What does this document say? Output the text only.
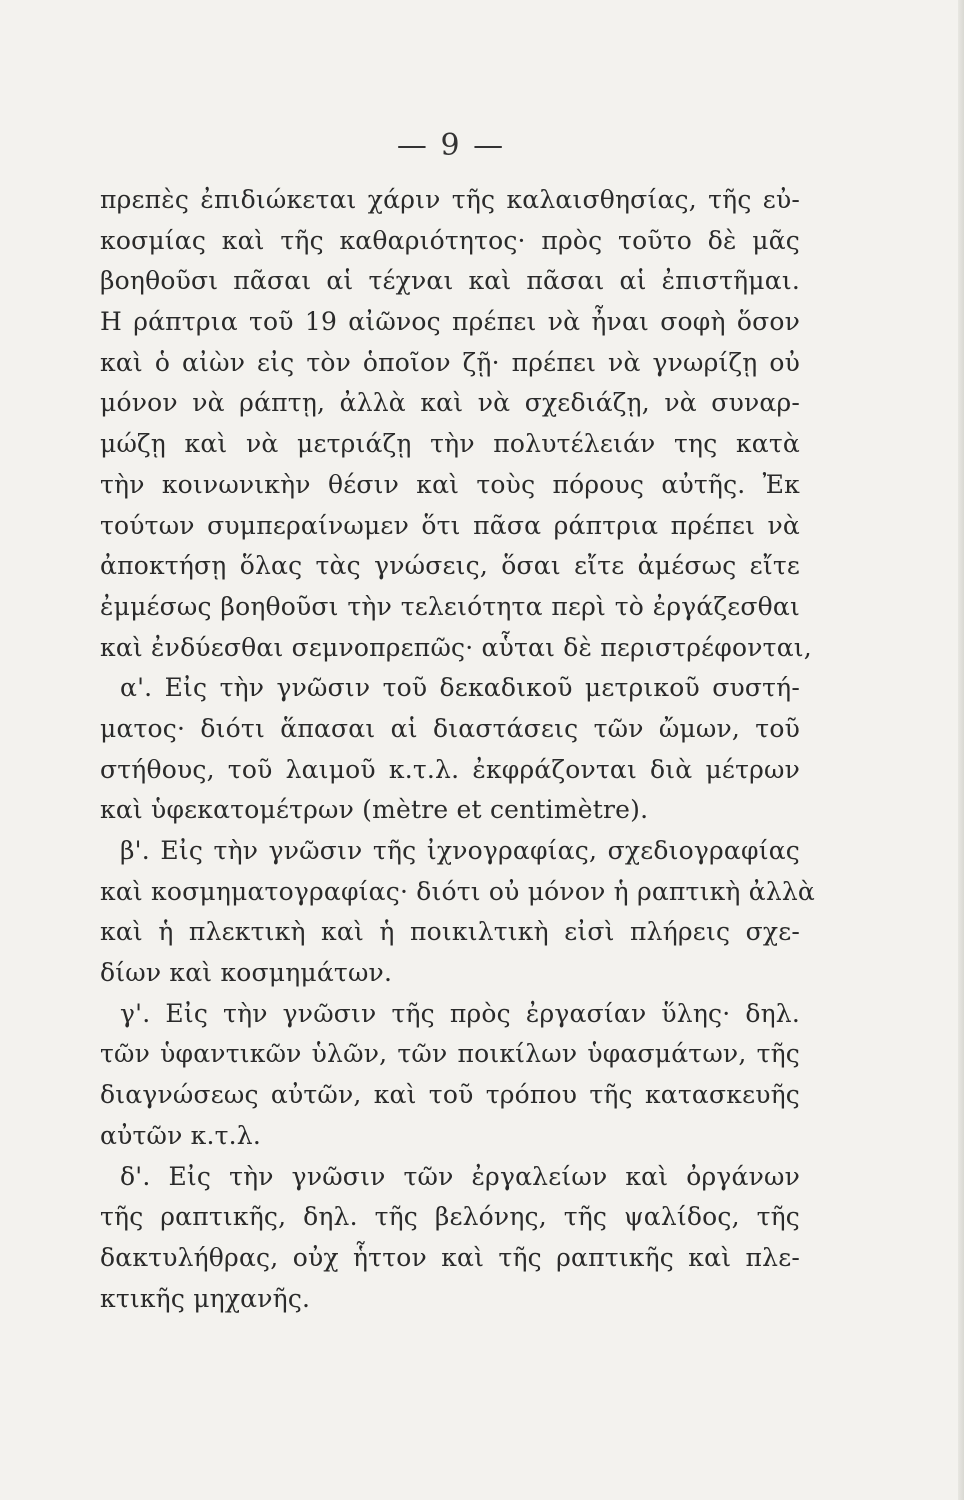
— 9 —
πρεπὲς ἐπιδιώκεται χάριν τῆς καλαισθησίας, τῆς εὐ-
κοσμίας καὶ τῆς καθαριότητος· πρὸς τοῦτο δὲ μᾶς
βοηθοῦσι πᾶσαι αἱ τέχναι καὶ πᾶσαι αἱ ἐπιστῆμαι.
Η ράπτρια τοῦ 19 αἰῶνος πρέπει νὰ ἦναι σοφὴ ὅσον
καὶ ὁ αἰὼν εἰς τὸν ὁποῖον ζῇ· πρέπει νὰ γνωρίζῃ οὐ
μόνον νὰ ράπτῃ, ἀλλὰ καὶ νὰ σχεδιάζῃ, νὰ συναρ-
μώζῃ καὶ νὰ μετριάζῃ τὴν πολυτέλειάν της κατὰ
τὴν κοινωνικὴν θέσιν καὶ τοὺς πόρους αὐτῆς. Ἐκ
τούτων συμπεραίνωμεν ὅτι πᾶσα ράπτρια πρέπει νὰ
ἀποκτήσῃ ὅλας τὰς γνώσεις, ὅσαι εἴτε ἀμέσως εἴτε
ἐμμέσως βοηθοῦσι τὴν τελειότητα περὶ τὸ ἐργάζεσθαι
καὶ ἐνδύεσθαι σεμνοπρεπῶς· αὗται δὲ περιστρέφονται,
α'. Εἰς τὴν γνῶσιν τοῦ δεκαδικοῦ μετρικοῦ συστή-
ματος· διότι ἅπασαι αἱ διαστάσεις τῶν ὤμων, τοῦ
στήθους, τοῦ λαιμοῦ κ.τ.λ. ἐκφράζονται διὰ μέτρων
καὶ ὑφεκατομέτρων (mètre et centimètre).
β'. Εἰς τὴν γνῶσιν τῆς ἰχνογραφίας, σχεδιογραφίας
καὶ κοσμηματογραφίας· διότι οὐ μόνον ἡ ραπτικὴ ἀλλὰ
καὶ ἡ πλεκτικὴ καὶ ἡ ποικιλτικὴ εἰσὶ πλήρεις σχε-
δίων καὶ κοσμημάτων.
γ'. Εἰς τὴν γνῶσιν τῆς πρὸς ἐργασίαν ὕλης· δηλ.
τῶν ὑφαντικῶν ὑλῶν, τῶν ποικίλων ὑφασμάτων, τῆς
διαγνώσεως αὐτῶν, καὶ τοῦ τρόπου τῆς κατασκευῆς
αὐτῶν κ.τ.λ.
δ'. Εἰς τὴν γνῶσιν τῶν ἐργαλείων καὶ ὀργάνων
τῆς ραπτικῆς, δηλ. τῆς βελόνης, τῆς ψαλίδος, τῆς
δακτυλήθρας, οὐχ ἧττον καὶ τῆς ραπτικῆς καὶ πλε-
κτικῆς μηχανῆς.
